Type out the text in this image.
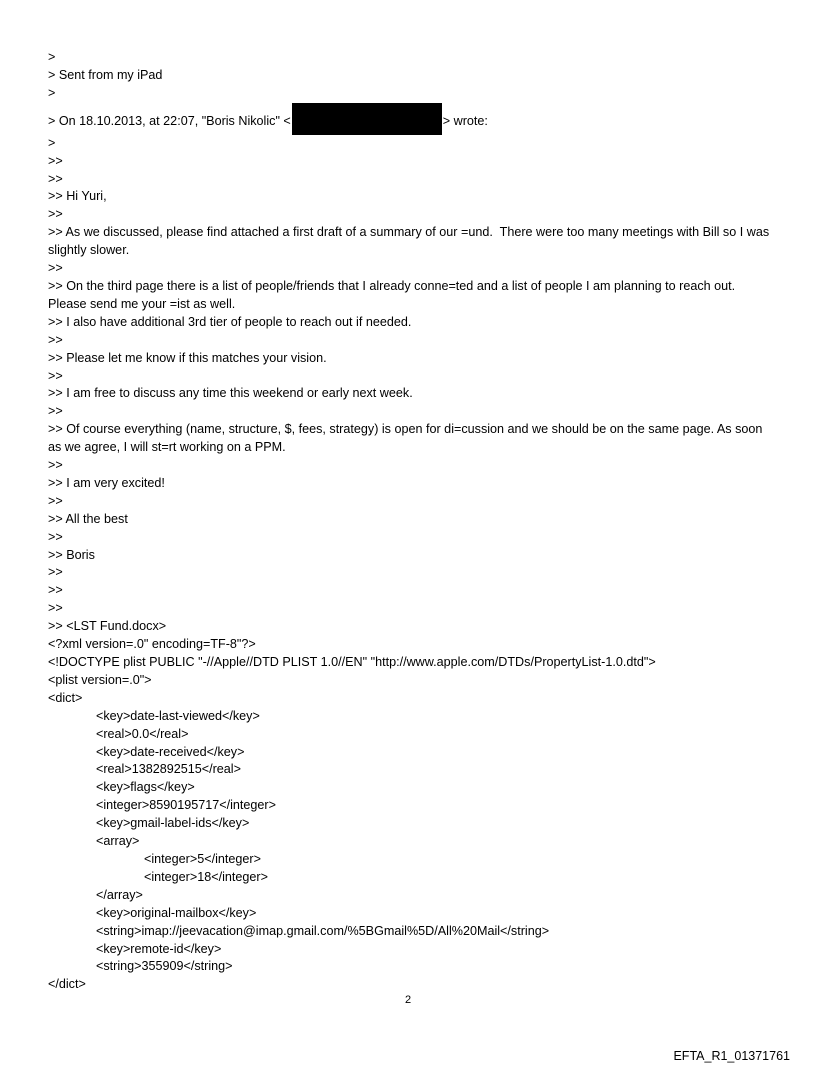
>

> Sent from my iPad

>

> On 18.10.2013, at 22:07, "Boris Nikolic" <	> wrote:

>

>>

>>

>> Hi Yuri,

>>

>> As we discussed, please find attached a first draft of a summary of our =und.  There were too many meetings with Bill so I was slightly slower.

>>

>> On the third page there is a list of people/friends that I already conne=ted and a list of people I am planning to reach out.  Please send me your =ist as well.

>> I also have additional 3rd tier of people to reach out if needed.

>>

>> Please let me know if this matches your vision.

>>

>> I am free to discuss any time this weekend or early next week.

>>

>> Of course everything (name, structure, $, fees, strategy) is open for di=cussion and we should be on the same page. As soon as we agree, I will st=rt working on a PPM.

>>

>> I am very excited!

>>

>> All the best

>>

>> Boris

>>

>>

>>

>> <LST Fund.docx>

<?xml version=.0" encoding=TF-8"?>

<!DOCTYPE plist PUBLIC "-//Apple//DTD PLIST 1.0//EN" "http://www.apple.com/DTDs/PropertyList-1.0.dtd">

<plist version=.0">

<dict>

<key>date-last-viewed</key>

<real>0.0</real>

<key>date-received</key>

<real>1382892515</real>

<key>flags</key>

<integer>8590195717</integer>

<key>gmail-label-ids</key>

<array>

<integer>5</integer>

<integer>18</integer>

</array>

<key>original-mailbox</key>

<string>imap://jeevacation@imap.gmail.com/%5BGmail%5D/All%20Mail</string>

<key>remote-id</key>

<string>355909</string>

</dict>

2
EFTA_R1_01371761
